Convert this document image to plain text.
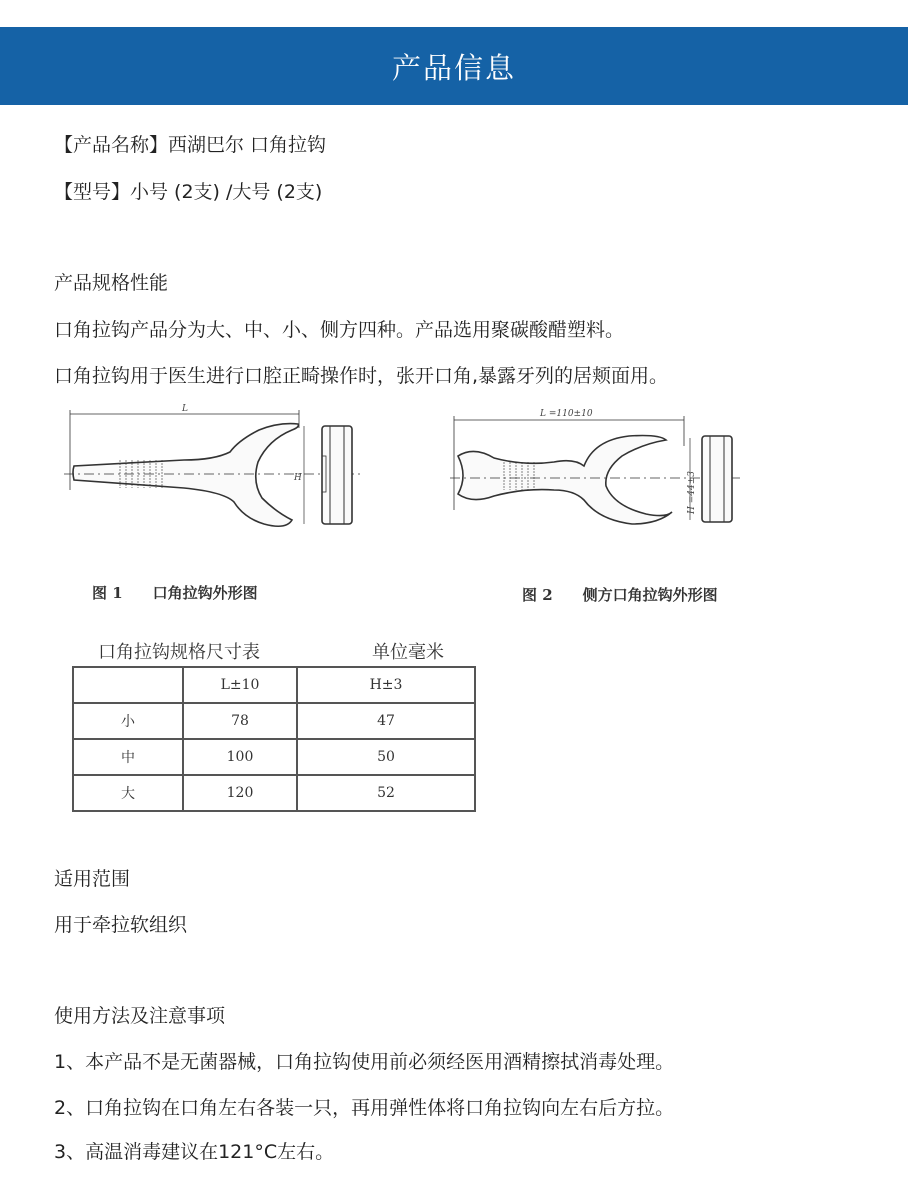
产品信息
【产品名称】西湖巴尔 口角拉钩
【型号】小号 (2支) /大号 (2支)
产品规格性能
口角拉钩产品分为大、中、小、侧方四种。产品选用聚碳酸醋塑料。
口角拉钩用于医生进行口腔正畸操作时，张开口角,暴露牙列的居颊面用。
L
H
图 1　　口角拉钩外形图
L =110±10
H =44±3
图 2　　侧方口角拉钩外形图
口角拉钩规格尺寸表	单位毫米
	L±10	H±3
小	78	47
中	100	50
大	120	52
适用范围
用于牵拉软组织
使用方法及注意事项
1、本产品不是无菌器械，口角拉钩使用前必须经医用酒精擦拭消毒处理。
2、口角拉钩在口角左右各装一只，再用弹性体将口角拉钩向左右后方拉。
3、高温消毒建议在121°C左右。
